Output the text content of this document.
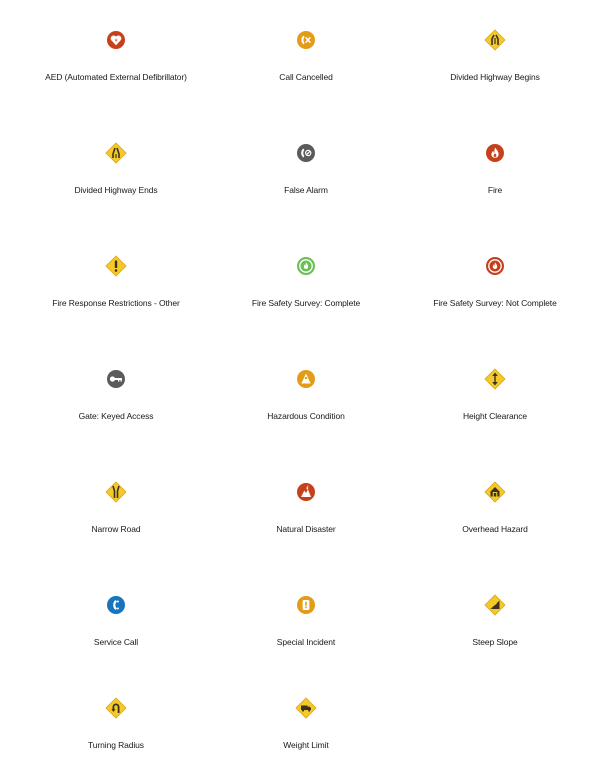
AED (Automated External Defibrillator)	Call Cancelled	Divided Highway Begins
Divided Highway Ends	False Alarm	Fire
Fire Response Restrictions - Other	Fire Safety Survey: Complete	Fire Safety Survey: Not Complete
Gate: Keyed Access	Hazardous Condition	Height Clearance
Narrow Road	Natural Disaster	Overhead Hazard
Service Call	Special Incident	Steep Slope
Turning Radius	Weight Limit
